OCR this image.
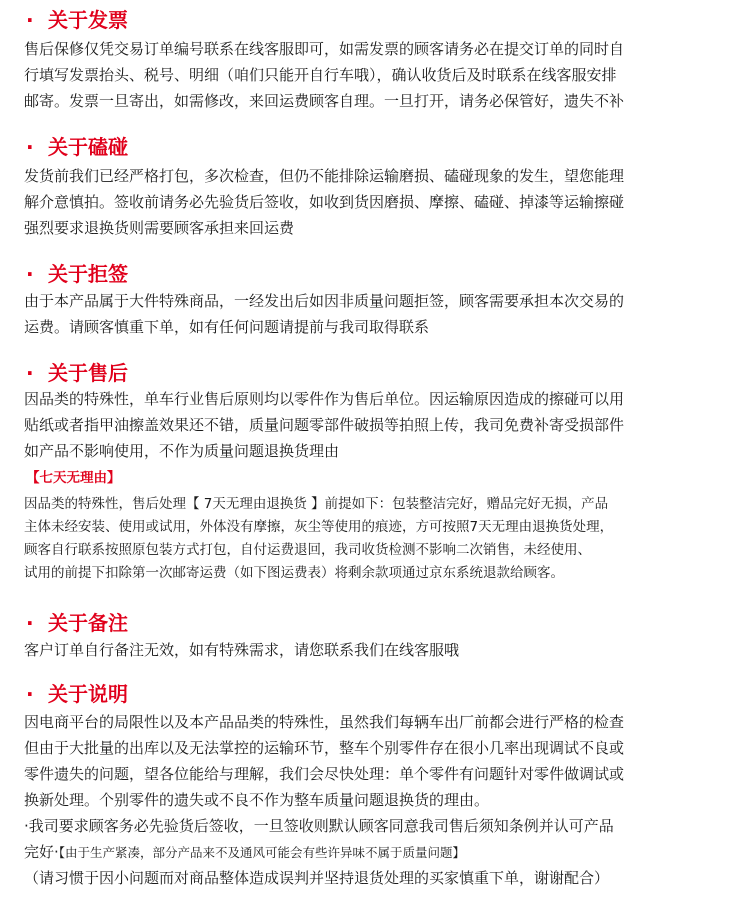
· 关于发票
售后保修仅凭交易订单编号联系在线客服即可，如需发票的顾客请务必在提交订单的同时自
行填写发票抬头、税号、明细（咱们只能开自行车哦），确认收货后及时联系在线客服安排
邮寄。发票一旦寄出，如需修改，来回运费顾客自理。一旦打开，请务必保管好，遗失不补
· 关于磕碰
发货前我们已经严格打包，多次检查，但仍不能排除运输磨损、磕碰现象的发生，望您能理
解介意慎拍。签收前请务必先验货后签收，如收到货因磨损、摩擦、磕碰、掉漆等运输擦碰
强烈要求退换货则需要顾客承担来回运费
· 关于拒签
由于本产品属于大件特殊商品，一经发出后如因非质量问题拒签，顾客需要承担本次交易的
运费。请顾客慎重下单，如有任何问题请提前与我司取得联系
· 关于售后
因品类的特殊性，单车行业售后原则均以零件作为售后单位。因运输原因造成的擦碰可以用
贴纸或者指甲油擦盖效果还不错，质量问题零部件破损等拍照上传，我司免费补寄受损部件
如产品不影响使用，不作为质量问题退换货理由
【七天无理由】
因品类的特殊性，售后处理【 7天无理由退换货 】前提如下：包装整洁完好，赠品完好无损，产品
主体未经安装、使用或试用，外体没有摩擦，灰尘等使用的痕迹，方可按照7天无理由退换货处理，
顾客自行联系按照原包装方式打包，自付运费退回，我司收货检测不影响二次销售，未经使用、
试用的前提下扣除第一次邮寄运费（如下图运费表）将剩余款项通过京东系统退款给顾客。
· 关于备注
客户订单自行备注无效，如有特殊需求，请您联系我们在线客服哦
· 关于说明
因电商平台的局限性以及本产品品类的特殊性，虽然我们每辆车出厂前都会进行严格的检查
但由于大批量的出库以及无法掌控的运输环节，整车个别零件存在很小几率出现调试不良或
零件遗失的问题，望各位能给与理解，我们会尽快处理：单个零件有问题针对零件做调试或
换新处理。个别零件的遗失或不良不作为整车质量问题退换货的理由。
·我司要求顾客务必先验货后签收，一旦签收则默认顾客同意我司售后须知条例并认可产品
完好·【由于生产紧凑，部分产品来不及通风可能会有些许异味不属于质量问题】
（请习惯于因小问题而对商品整体造成误判并坚持退货处理的买家慎重下单，谢谢配合）
